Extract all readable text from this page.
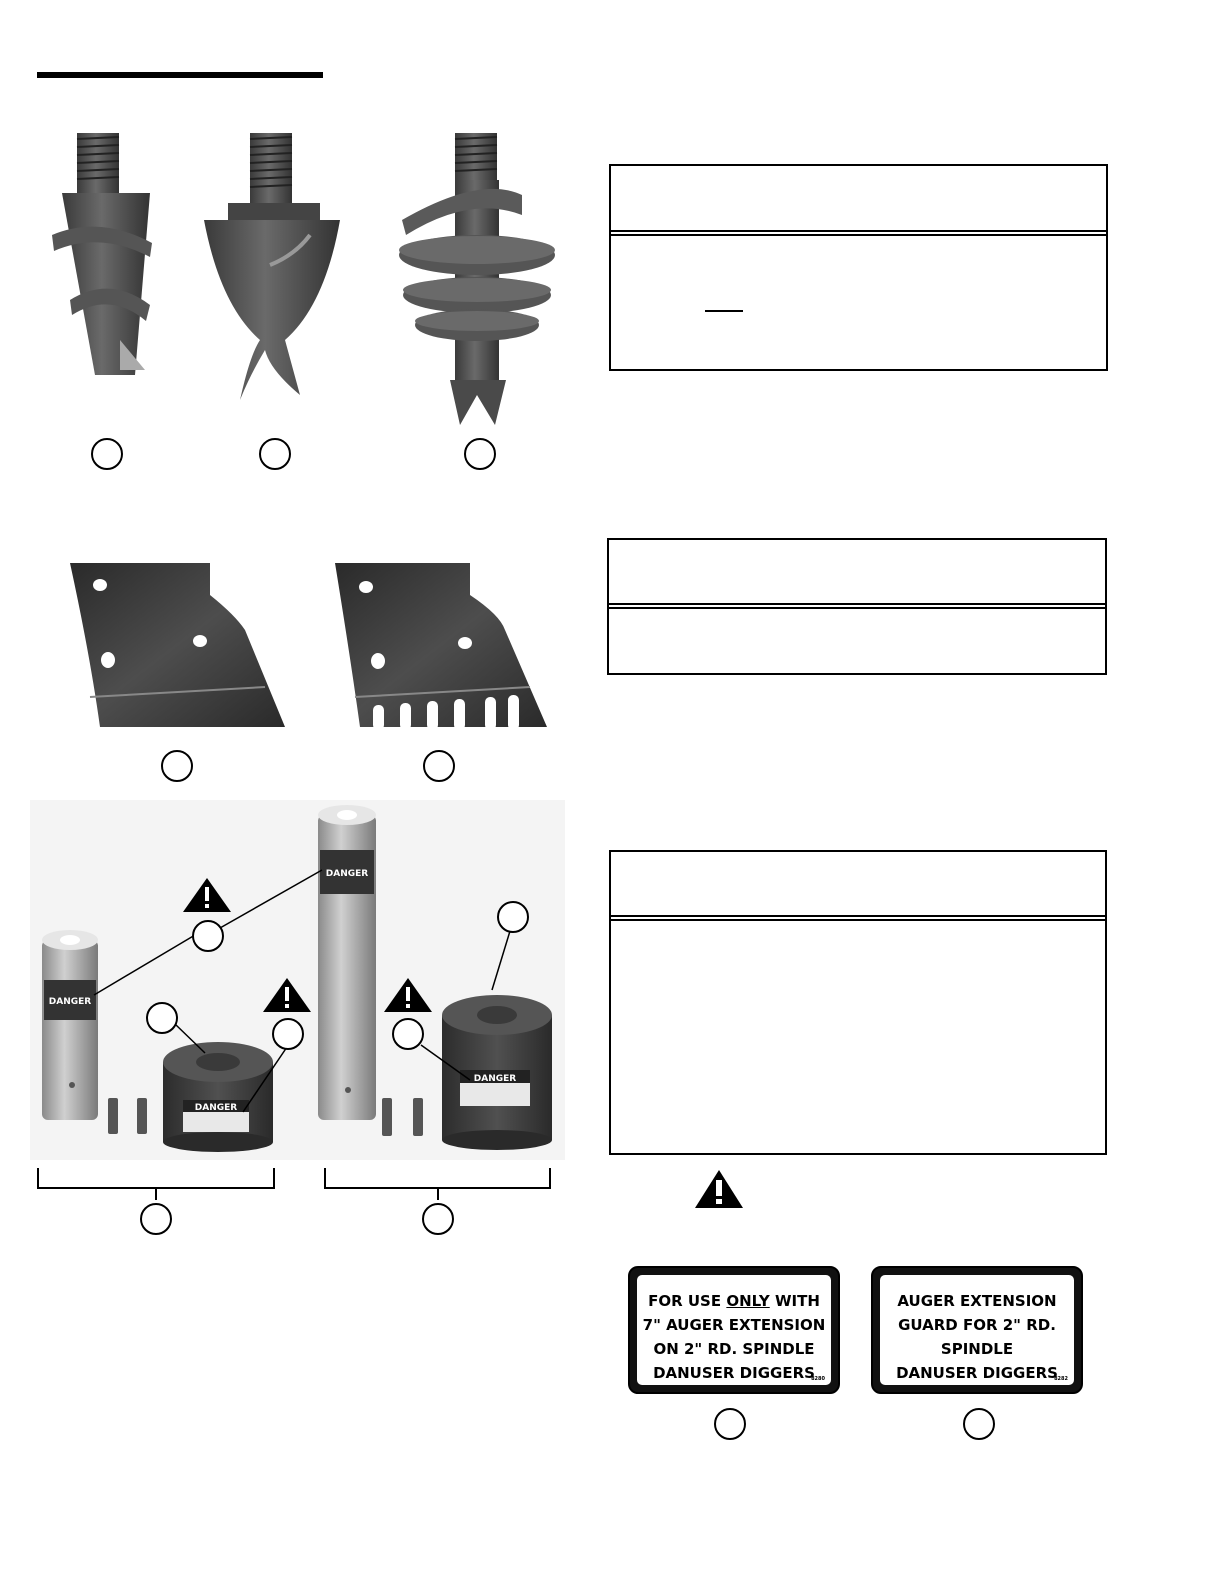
DANGER
DANGER
DANGER
DANGER
FOR USE ONLY WITH
7" AUGER EXTENSION
ON 2" RD. SPINDLE
DANUSER DIGGERS
8280
AUGER EXTENSION
GUARD FOR 2" RD.
SPINDLE
DANUSER DIGGERS
8282
